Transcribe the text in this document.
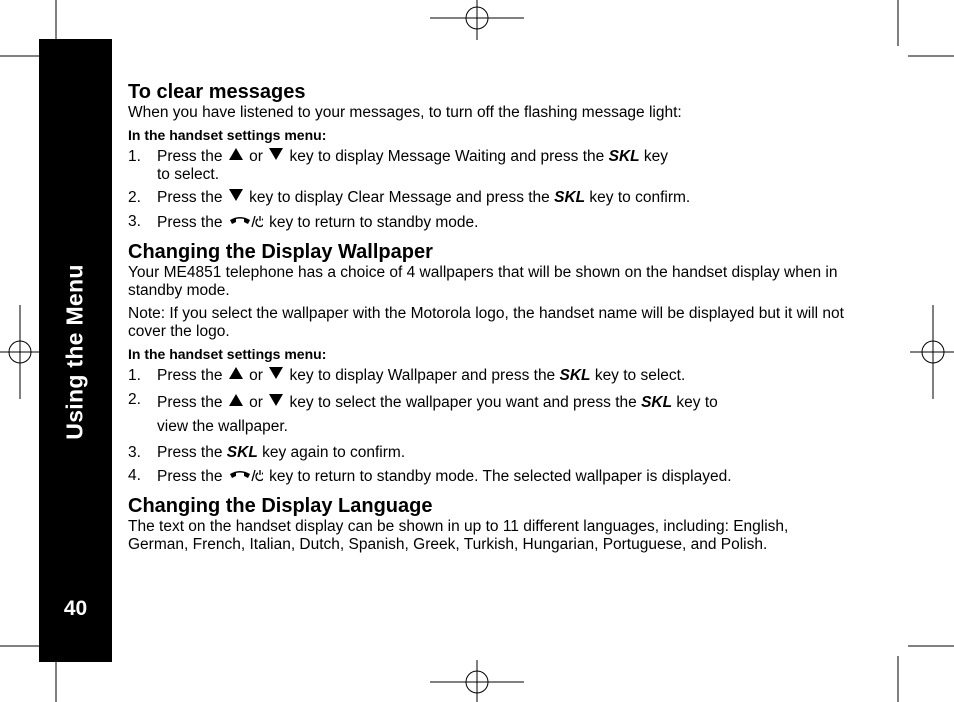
Using the Menu
40
To clear messages

When you have listened to your messages, to turn off the flashing message light:

In the handset settings menu:

1.	Press the or key to display Message Waiting and press the SKL key
to select.
2.	Press the key to display Clear Message and press the SKL key to confirm.
3.	Press the	key to return to standby mode.
Changing the Display Wallpaper

Your ME4851 telephone has a choice of 4 wallpapers that will be shown on the handset display when in standby mode.

Note: If you select the wallpaper with the Motorola logo, the handset name will be displayed but it will not cover the logo.

In the handset settings menu:

1.	Press the or key to display Wallpaper and press the SKL key to select.
2.	Press the or key to select the wallpaper you want and press the SKL key to
view the wallpaper.
3.	Press the SKL key again to confirm.
4.	Press the	key to return to standby mode. The selected wallpaper is displayed.
Changing the Display Language

The text on the handset display can be shown in up to 11 different languages, including: English, German, French, Italian, Dutch, Spanish, Greek, Turkish, Hungarian, Portuguese, and Polish.
